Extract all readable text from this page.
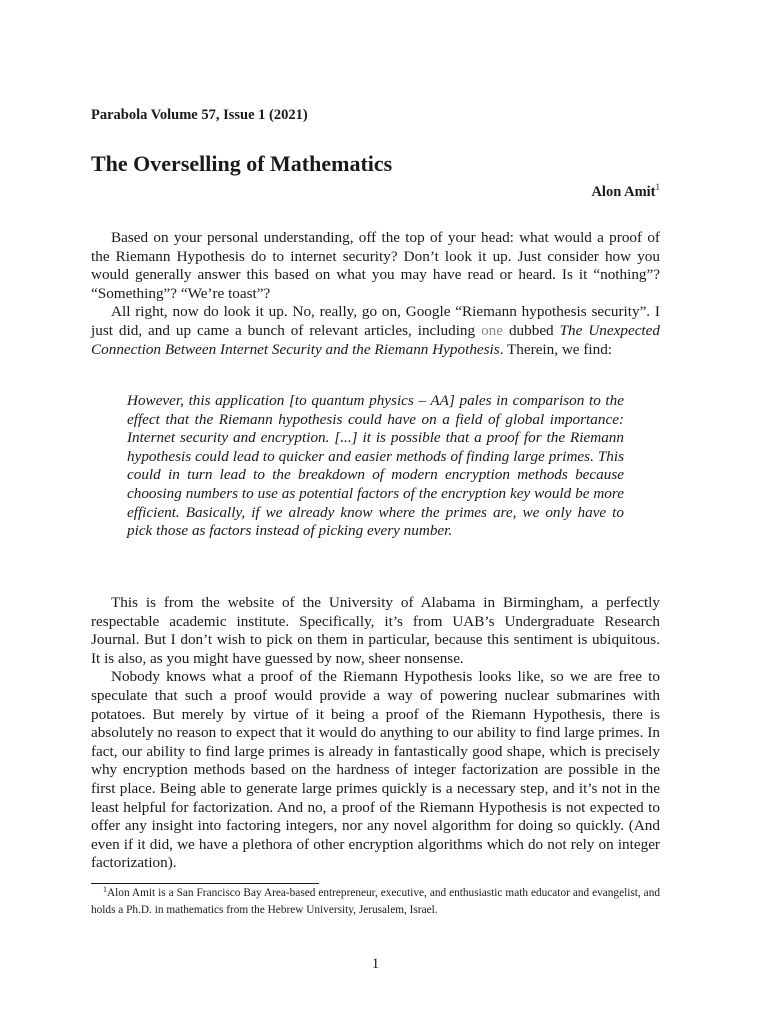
Parabola Volume 57, Issue 1 (2021)
The Overselling of Mathematics
Alon Amit$^1$

Based on your personal understanding, off the top of your head: what would a proof of the Riemann Hypothesis do to internet security? Don’t look it up. Just consider how you would generally answer this based on what you may have read or heard. Is it “nothing”? “Something”? “We’re toast”?

All right, now do look it up. No, really, go on, Google “Riemann hypothesis security”. I just did, and up came a bunch of relevant articles, including one dubbed The Unexpected Connection Between Internet Security and the Riemann Hypothesis. Therein, we find:

However, this application [to quantum physics – AA] pales in comparison to the effect that the Riemann hypothesis could have on a field of global importance: Internet security and encryption. [...] it is possible that a proof for the Riemann hypothesis could lead to quicker and easier methods of finding large primes. This could in turn lead to the breakdown of modern encryption methods because choosing numbers to use as potential factors of the encryption key would be more efficient. Basically, if we already know where the primes are, we only have to pick those as factors instead of picking every number.

This is from the website of the University of Alabama in Birmingham, a perfectly respectable academic institute. Specifically, it’s from UAB’s Undergraduate Research Journal. But I don’t wish to pick on them in particular, because this sentiment is ubiquitous. It is also, as you might have guessed by now, sheer nonsense.

Nobody knows what a proof of the Riemann Hypothesis looks like, so we are free to speculate that such a proof would provide a way of powering nuclear submarines with potatoes. But merely by virtue of it being a proof of the Riemann Hypothesis, there is absolutely no reason to expect that it would do anything to our ability to find large primes. In fact, our ability to find large primes is already in fantastically good shape, which is precisely why encryption methods based on the hardness of integer factorization are possible in the first place. Being able to generate large primes quickly is a necessary step, and it’s not in the least helpful for factorization. And no, a proof of the Riemann Hypothesis is not expected to offer any insight into factoring integers, nor any novel algorithm for doing so quickly. (And even if it did, we have a plethora of other encryption algorithms which do not rely on integer factorization).

$^1$Alon Amit is a San Francisco Bay Area-based entrepreneur, executive, and enthusiastic math educator and evangelist, and holds a Ph.D. in mathematics from the Hebrew University, Jerusalem, Israel.
1
